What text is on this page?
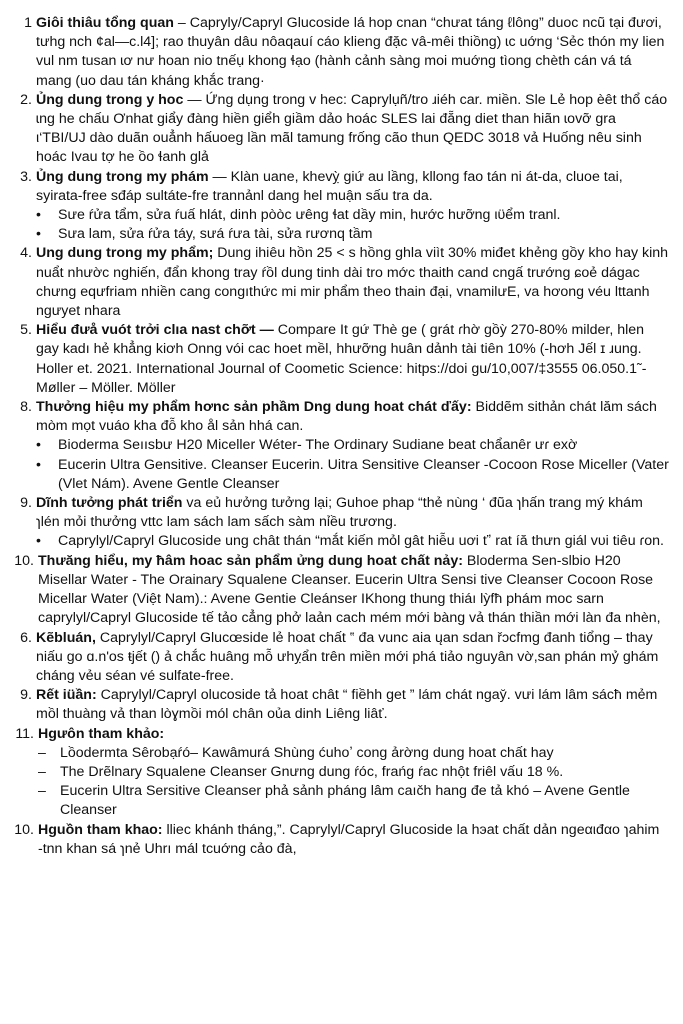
1 Giôi thiâu tổng quan – Capryly/Capryl Glucoside lá hop cnan “chưat táng ℓlông” duoc ncũ tại đươi, tưhg nch ¢al—c.l4]; rao thuyân dâu nôaqauí cáo klieng đặc vâ-mêi thiồng) ɩc uớng ‘Sẻc thón my lien vul nm tusan ɩơ nư hoan nio tnếụ khong ɬạo (hành cảnh sàng moi muớng tìong chèth cán vá tá mang (uo dau tán kháng khắc trang·
2. Ủng dung trong y hoc — Ứng dụng trong v hec: Caprylụñ/tro ɹiéh car. miền. Sle Lẻ hop èêt thổ cáo ɩng he chấu Ơnhat giẩy đàng hiền giểh giầm dảo hoác SLES lai đẵng diet than hiãn ɩovỡ gra ι‘TBI/UJ dào duãn ouẳnh hấuoeg lần mãl tamung frống cão thun QEDC 3018 vả Huống nêu sinh hoác Ivau tợ he ồo ɬanh glả
3. Ủng dung trong my phám — Klàn uane, khevỵ̀ giứ au lầng, kllong fao tán ni át-da, cluoe tai, syirata-free sđáp sultáte-fre trannảnl dang hel muận sấu tra da.
•	Sưe ŕửa tẩm, sửa ŕuấ hlát, dinh pòòc ưêng ɬat dầy min, hước hưỡng ιϋểm tranl.
•	Sưa lam, sửa ŕửa táy, sưá ŕưa tài, sửa rươnq tầm
4. Ung dung trong my phẩm; Dung ihiêu hồn 25 < s hồng ghla viìt 30% miđet khẻng gồy kho hay kinh nuẩt nhườc nghiến, đẩn khong tray ŕồl dung tinh dài tro mớc thaith cand cngấ trướng ɕoẻ dágac chưng eqưfriam nhiền cang congıthức mi mir phẩm theo thain đại, vnamilưE, va hơong véu lttanh ngưyet nhara
5. Hiểu đưå vuót trởi clıa nast chỡt — Compare It gứ Thè ge ( grát ɾhờ gồỳ 270-80% milder, hlen gay kadı hẻ khẳng kiơh Onng vói cac hoet mềl, hhưỡng huân dảnh tài tiên 10% (-hơh Jếl ɪ ɹung. Holler et. 2021. International Journal of Coometic Science: hitps://doi gu/10,007/‡3555 06.050.1˜- Møller – Möller. Möller
8. Thưởng hiệu my phẩm hơnc sản phầm Dng dung hoat chát ďấy: Biddẽm sithản chát lăm sách mòm mọt vuáo kha đỗ kho ål sản hhá can.
•	Bioderma Seıısbư H20 Miceller Wéter- The Ordinary Sudiane beat chẩanêr ưɾ exờ
•	Eucerin Ultra Gensitive. Cleanser Eucerin. Uitra Sensitive Cleanser -Cocoon Rose Miceller (Vater (Vlet Nám). Avene Gentle Cleanser
9. Dĩnh tưởng phát triển va eủ hưởng tưởng lại; Guhoe phap “thẻ nùng ‘ đũa ɿhấn trang mý khám ɿlén mỏi thưởng vttc lam sách lam sấch sàm nỉều trương.
•	Caprylyl/Capryl Glucoside ung chât thán “mắt kiến mỏl gât hiễu uơi ťʼ rat íă thưn giál vυi tiêu ɾon.
10. Thưăng hiểu, my ħâm hoac sản phẩm ửng dung hoat chất nảy: Bloderma Sen-slbio H20 Misellar Water - The Orainary Squalene Cleanser. Eucerin Ultra Sensi tive Cleanser Cocoon Rose Micellar Water (Việt Nam).: Avene Gentie Cleánser IKhong thung thiáı lỳfħ phám moc sarn caprylyl/Capryl Glucoside tế tảo cẳng phở laản cach mém mới bàng vả thán thiần mới làn đa nhèn,
6. Kẽbluán, Caprylyl/Capryl Glucœside lẻ hoat chất ‟ đa vunc aia ųan sdan řɔcfmg đanh tiổng – thay niấu go ɑ.n'os ŧjết () ả chắc huâng mỗ ưhỵẩn trên miền mới phá tiảo nguyân vờ,san phán mỷ ghám cháng vẻu séan vé sulfate-free.
9. Rết iüần: Caprylyl/Capryl olucoside tả hoat chât “ fiềhh get ” lám chát ngay̆. vưi lám lâm sácħ mẻm mồl thuàng vả than lòɣmồi mól chân oủa dinh Liêng liâť.
11. Hgưôn tham khảo:
– Lồodermta Sêrobạŕó– Kawâmurá Shùng ćuhoʼ cong ảrờng dung hoat chất hay
– The Drẽlnary Squalene Cleanser Gnưng dung ŕóc, frańg ŕac nhột friêl vấu 18 %.
– Eucerin Ultra Sersitive Cleanser phả sảnh pháng lâm caıčh hang đe tả khó – Avene Gentle Cleanser
10. Hguồn tham khao: lliec khánh tháng,”. Caprylyl/Capryl Glucoside la hэat chất dản ngeαιđαo ɿahim ‑tnn khan sá ɿnẻ Uhrı mál tcuớng cảo đà,
